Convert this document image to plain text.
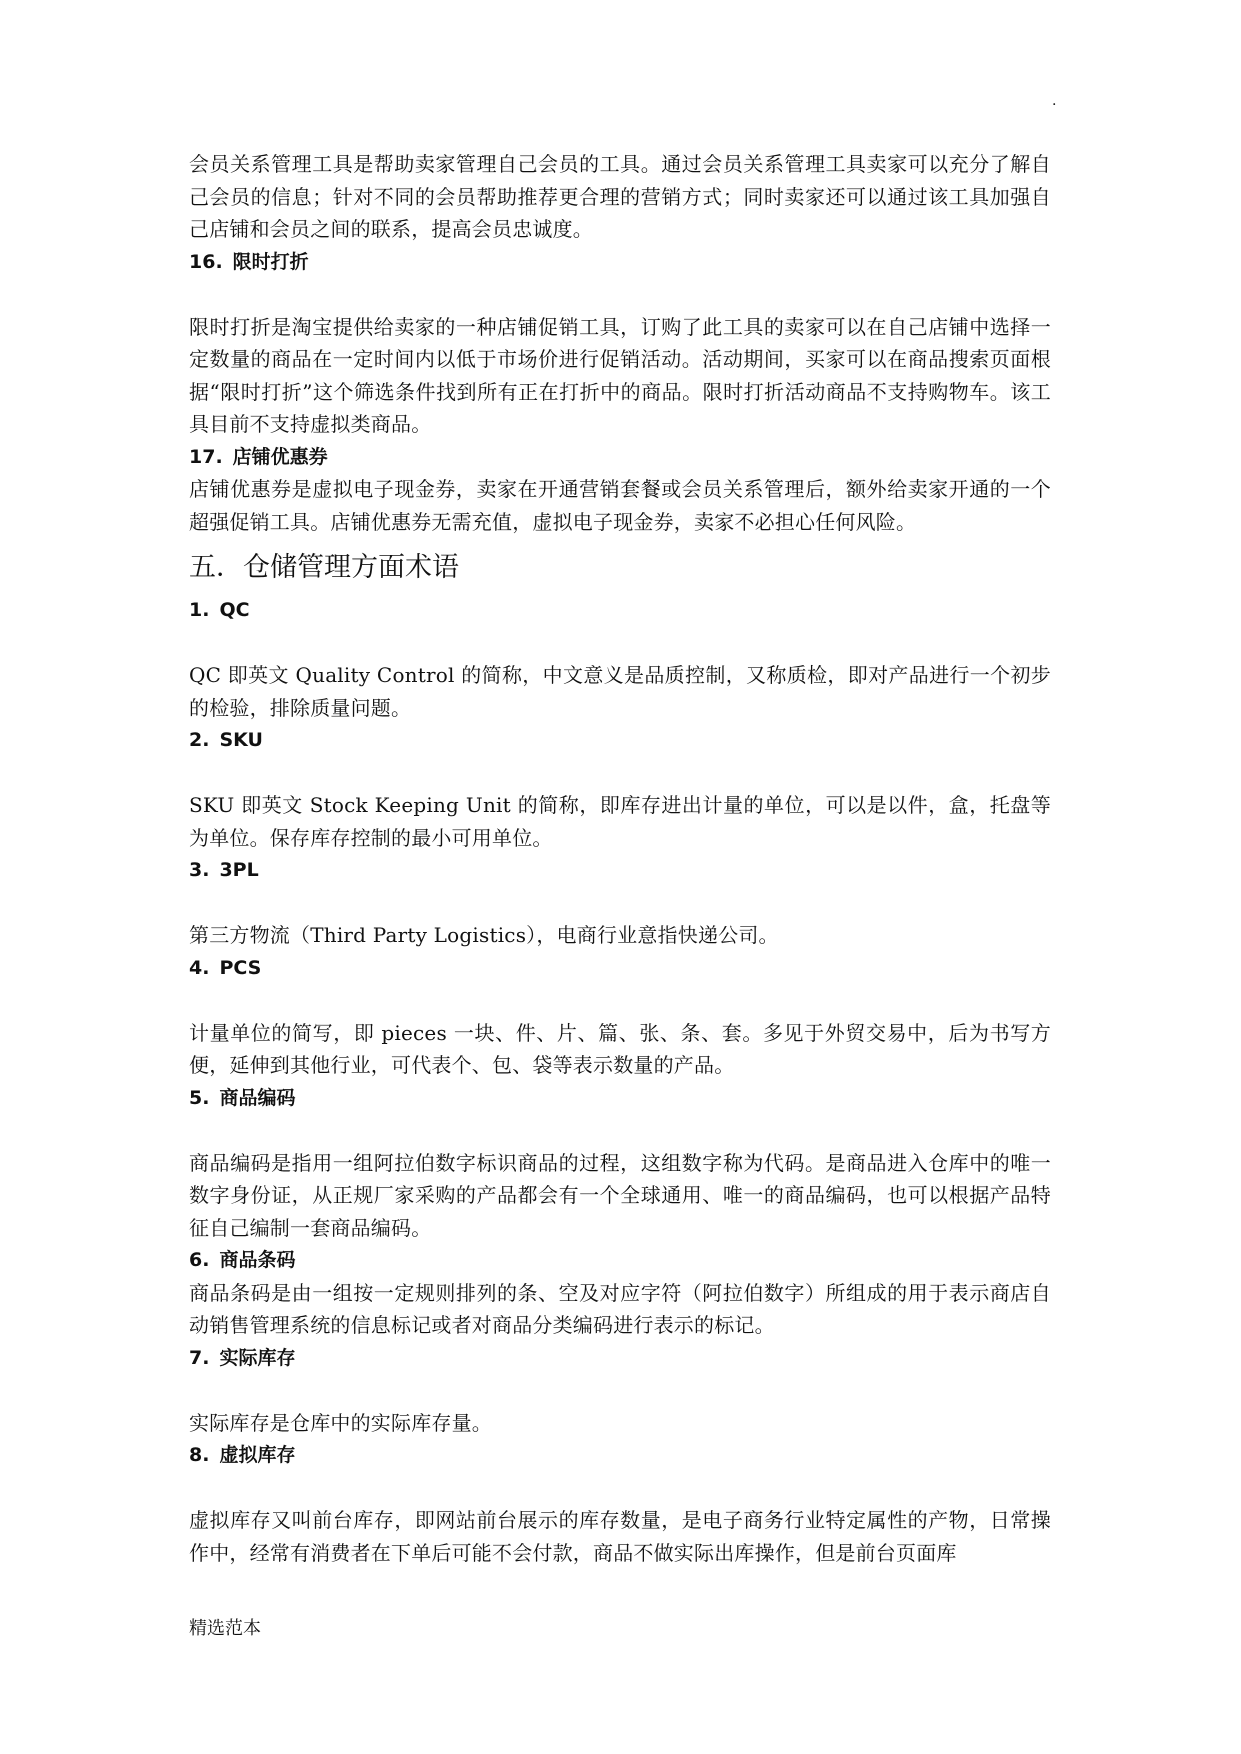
.

会员关系管理工具是帮助卖家管理自己会员的工具。通过会员关系管理工具卖家可以充分了解自己会员的信息；针对不同的会员帮助推荐更合理的营销方式；同时卖家还可以通过该工具加强自己店铺和会员之间的联系，提高会员忠诚度。

16. 限时打折

限时打折是淘宝提供给卖家的一种店铺促销工具，订购了此工具的卖家可以在自己店铺中选择一定数量的商品在一定时间内以低于市场价进行促销活动。活动期间，买家可以在商品搜索页面根据“限时打折”这个筛选条件找到所有正在打折中的商品。限时打折活动商品不支持购物车。该工具目前不支持虚拟类商品。

17. 店铺优惠券

店铺优惠券是虚拟电子现金券，卖家在开通营销套餐或会员关系管理后，额外给卖家开通的一个超强促销工具。店铺优惠券无需充值，虚拟电子现金券，卖家不必担心任何风险。

五．仓储管理方面术语

1. QC

QC 即英文 Quality Control 的简称，中文意义是品质控制，又称质检，即对产品进行一个初步的检验，排除质量问题。

2. SKU

SKU 即英文 Stock Keeping Unit 的简称，即库存进出计量的单位，可以是以件，盒，托盘等为单位。保存库存控制的最小可用单位。

3. 3PL

第三方物流（Third Party Logistics），电商行业意指快递公司。

4. PCS

计量单位的简写，即 pieces 一块、件、片、篇、张、条、套。多见于外贸交易中，后为书写方便，延伸到其他行业，可代表个、包、袋等表示数量的产品。

5. 商品编码

商品编码是指用一组阿拉伯数字标识商品的过程，这组数字称为代码。是商品进入仓库中的唯一数字身份证，从正规厂家采购的产品都会有一个全球通用、唯一的商品编码，也可以根据产品特征自己编制一套商品编码。

6. 商品条码

商品条码是由一组按一定规则排列的条、空及对应字符（阿拉伯数字）所组成的用于表示商店自动销售管理系统的信息标记或者对商品分类编码进行表示的标记。

7. 实际库存

实际库存是仓库中的实际库存量。

8. 虚拟库存

虚拟库存又叫前台库存，即网站前台展示的库存数量，是电子商务行业特定属性的产物，日常操作中，经常有消费者在下单后可能不会付款，商品不做实际出库操作，但是前台页面库

精选范本
